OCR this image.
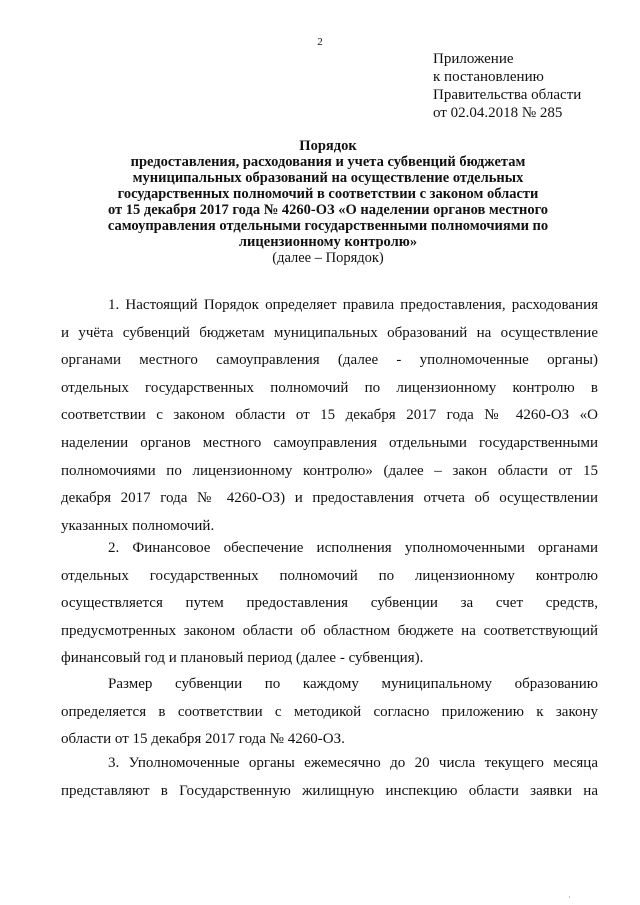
2
Приложение
к постановлению
Правительства области
от 02.04.2018 № 285
Порядок
предоставления, расходования и учета субвенций бюджетам
муниципальных образований на осуществление отдельных
государственных полномочий в соответствии с законом области
от 15 декабря 2017 года № 4260-ОЗ «О наделении органов местного
самоуправления отдельными государственными полномочиями по
лицензионному контролю»
(далее – Порядок)

1. Настоящий Порядок определяет правила предоставления, расходования
и учёта субвенций бюджетам муниципальных образований на осуществление
органами местного самоуправления (далее - уполномоченные органы)
отдельных государственных полномочий по лицензионному контролю в
соответствии с законом области от 15 декабря 2017 года № 4260-ОЗ «О
наделении органов местного самоуправления отдельными государственными
полномочиями по лицензионному контролю» (далее – закон области от 15
декабря 2017 года № 4260-ОЗ) и предоставления отчета об осуществлении
указанных полномочий.

2. Финансовое обеспечение исполнения уполномоченными органами
отдельных государственных полномочий по лицензионному контролю
осуществляется путем предоставления субвенции за счет средств,
предусмотренных законом области об областном бюджете на соответствующий
финансовый год и плановый период (далее - субвенция).

Размер субвенции по каждому муниципальному образованию
определяется в соответствии с методикой согласно приложению к закону
области от 15 декабря 2017 года № 4260-ОЗ.

3. Уполномоченные органы ежемесячно до 20 числа текущего месяца
представляют в Государственную жилищную инспекцию области заявки на

·
